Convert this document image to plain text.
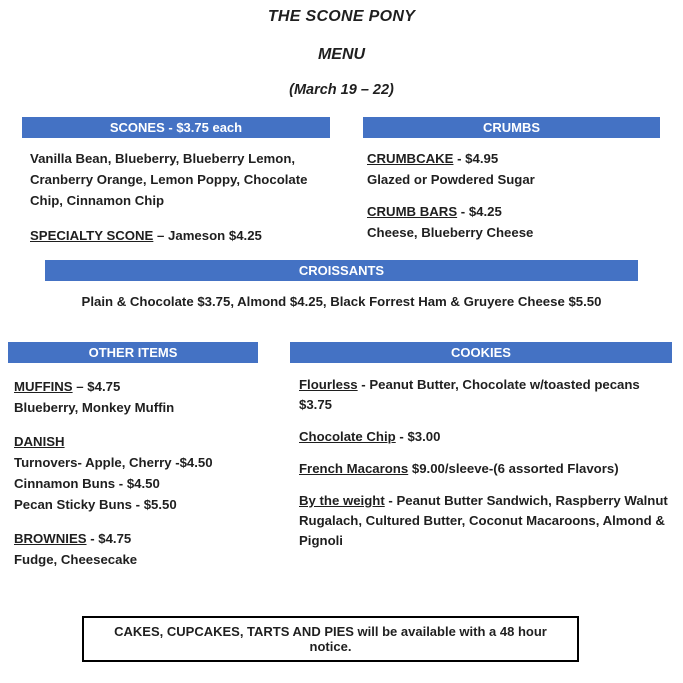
THE SCONE PONY
MENU
(March 19 – 22)
SCONES - $3.75 each
Vanilla Bean, Blueberry, Blueberry Lemon, Cranberry Orange, Lemon Poppy, Chocolate Chip, Cinnamon Chip
SPECIALTY SCONE – Jameson $4.25
CRUMBS
CRUMBCAKE - $4.95
Glazed or Powdered Sugar
CRUMB BARS - $4.25
Cheese, Blueberry Cheese
CROISSANTS
Plain & Chocolate $3.75, Almond $4.25, Black Forrest Ham & Gruyere Cheese $5.50
OTHER ITEMS
MUFFINS – $4.75
Blueberry, Monkey Muffin
DANISH
Turnovers- Apple, Cherry -$4.50
Cinnamon Buns - $4.50
Pecan Sticky Buns - $5.50
BROWNIES - $4.75
Fudge, Cheesecake
COOKIES
Flourless - Peanut Butter, Chocolate w/toasted pecans $3.75
Chocolate Chip - $3.00
French Macarons $9.00/sleeve-(6 assorted Flavors)
By the weight - Peanut Butter Sandwich, Raspberry Walnut Rugalach, Cultured Butter, Coconut Macaroons, Almond & Pignoli
CAKES, CUPCAKES, TARTS AND PIES will be available with a 48 hour notice.
